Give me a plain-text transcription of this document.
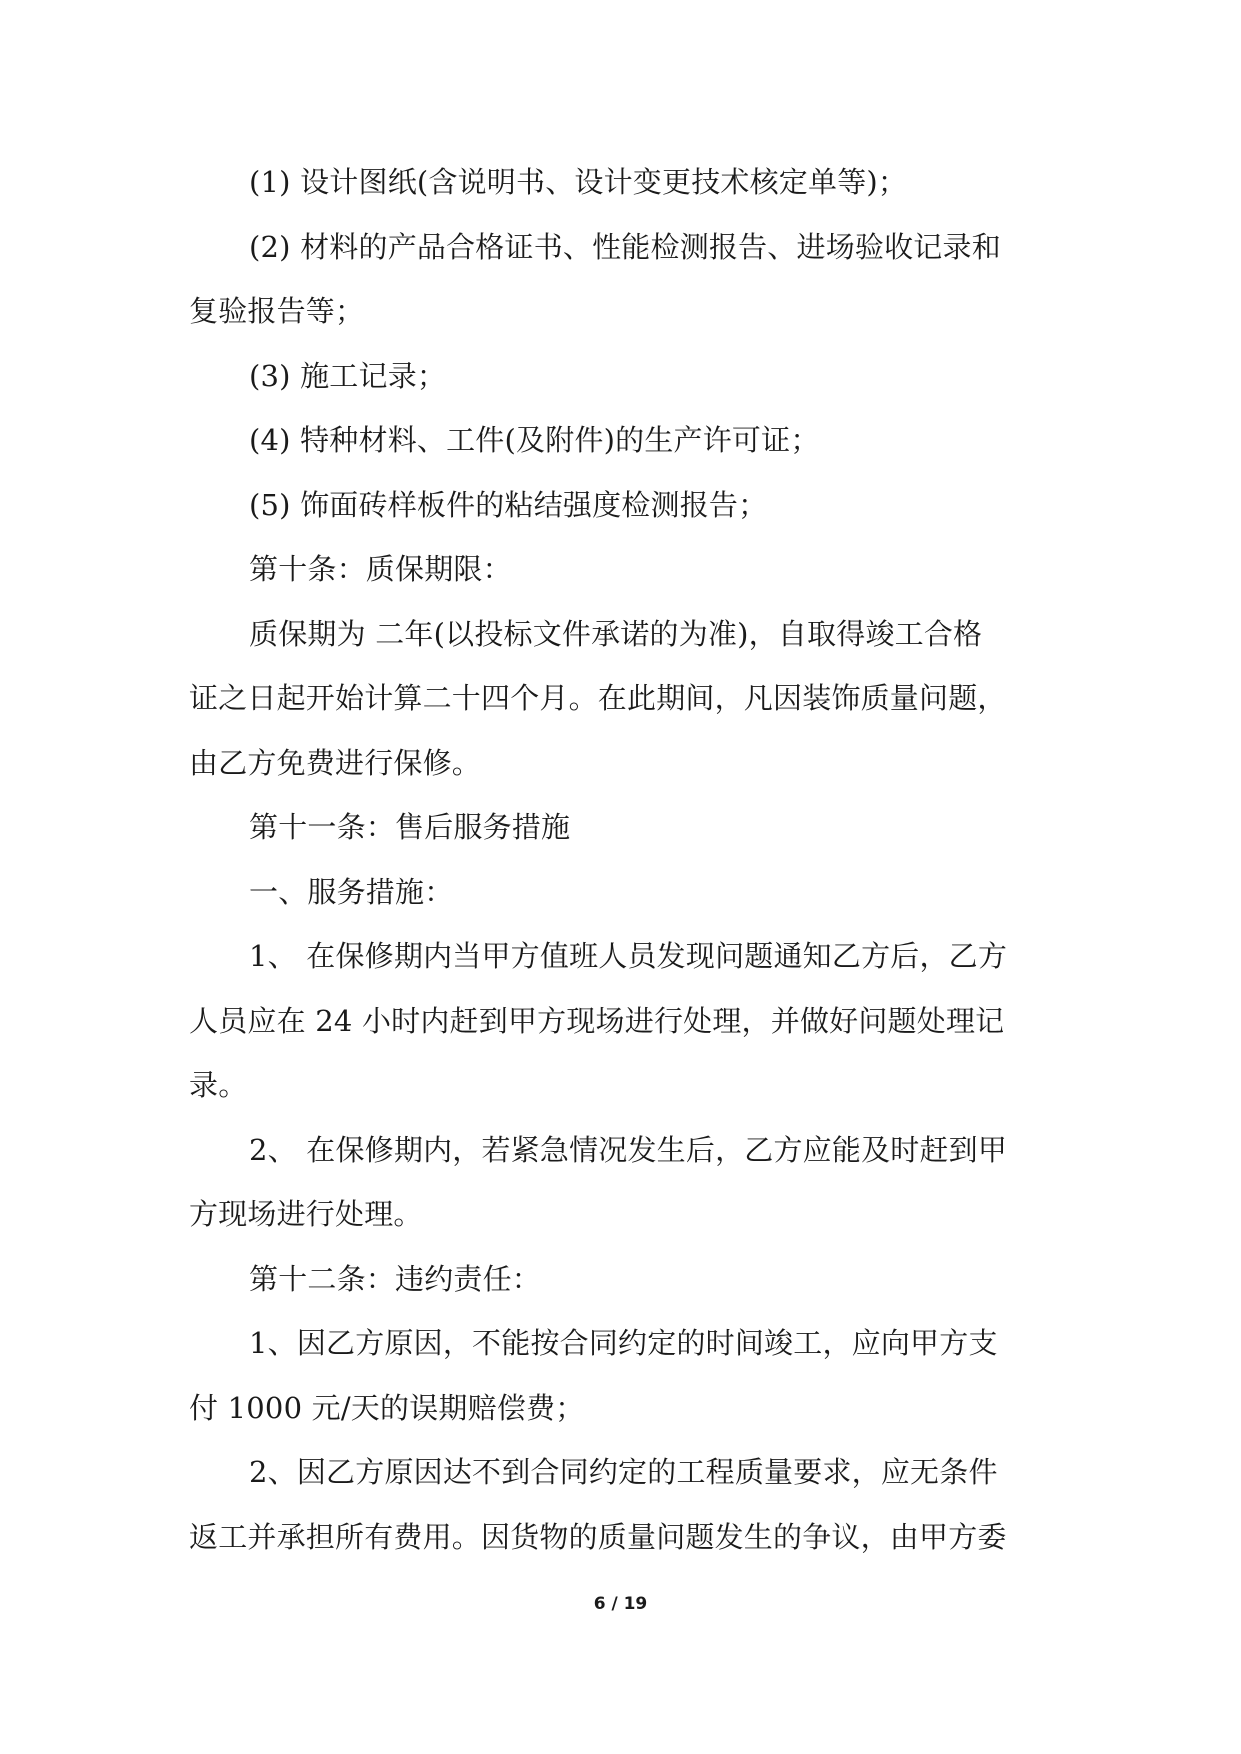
(1) 设计图纸(含说明书、设计变更技术核定单等)；
(2) 材料的产品合格证书、性能检测报告、进场验收记录和
复验报告等；
(3) 施工记录；
(4) 特种材料、工件(及附件)的生产许可证；
(5) 饰面砖样板件的粘结强度检测报告；
第十条：质保期限：
质保期为 二年(以投标文件承诺的为准)，自取得竣工合格
证之日起开始计算二十四个月。在此期间，凡因装饰质量问题，
由乙方免费进行保修。
第十一条：售后服务措施
一、服务措施：
1、 在保修期内当甲方值班人员发现问题通知乙方后，乙方
人员应在 24 小时内赶到甲方现场进行处理，并做好问题处理记
录。
2、 在保修期内，若紧急情况发生后，乙方应能及时赶到甲
方现场进行处理。
第十二条：违约责任：
1、因乙方原因，不能按合同约定的时间竣工，应向甲方支
付 1000 元/天的误期赔偿费；
2、因乙方原因达不到合同约定的工程质量要求，应无条件
返工并承担所有费用。因货物的质量问题发生的争议，由甲方委
6 / 19
